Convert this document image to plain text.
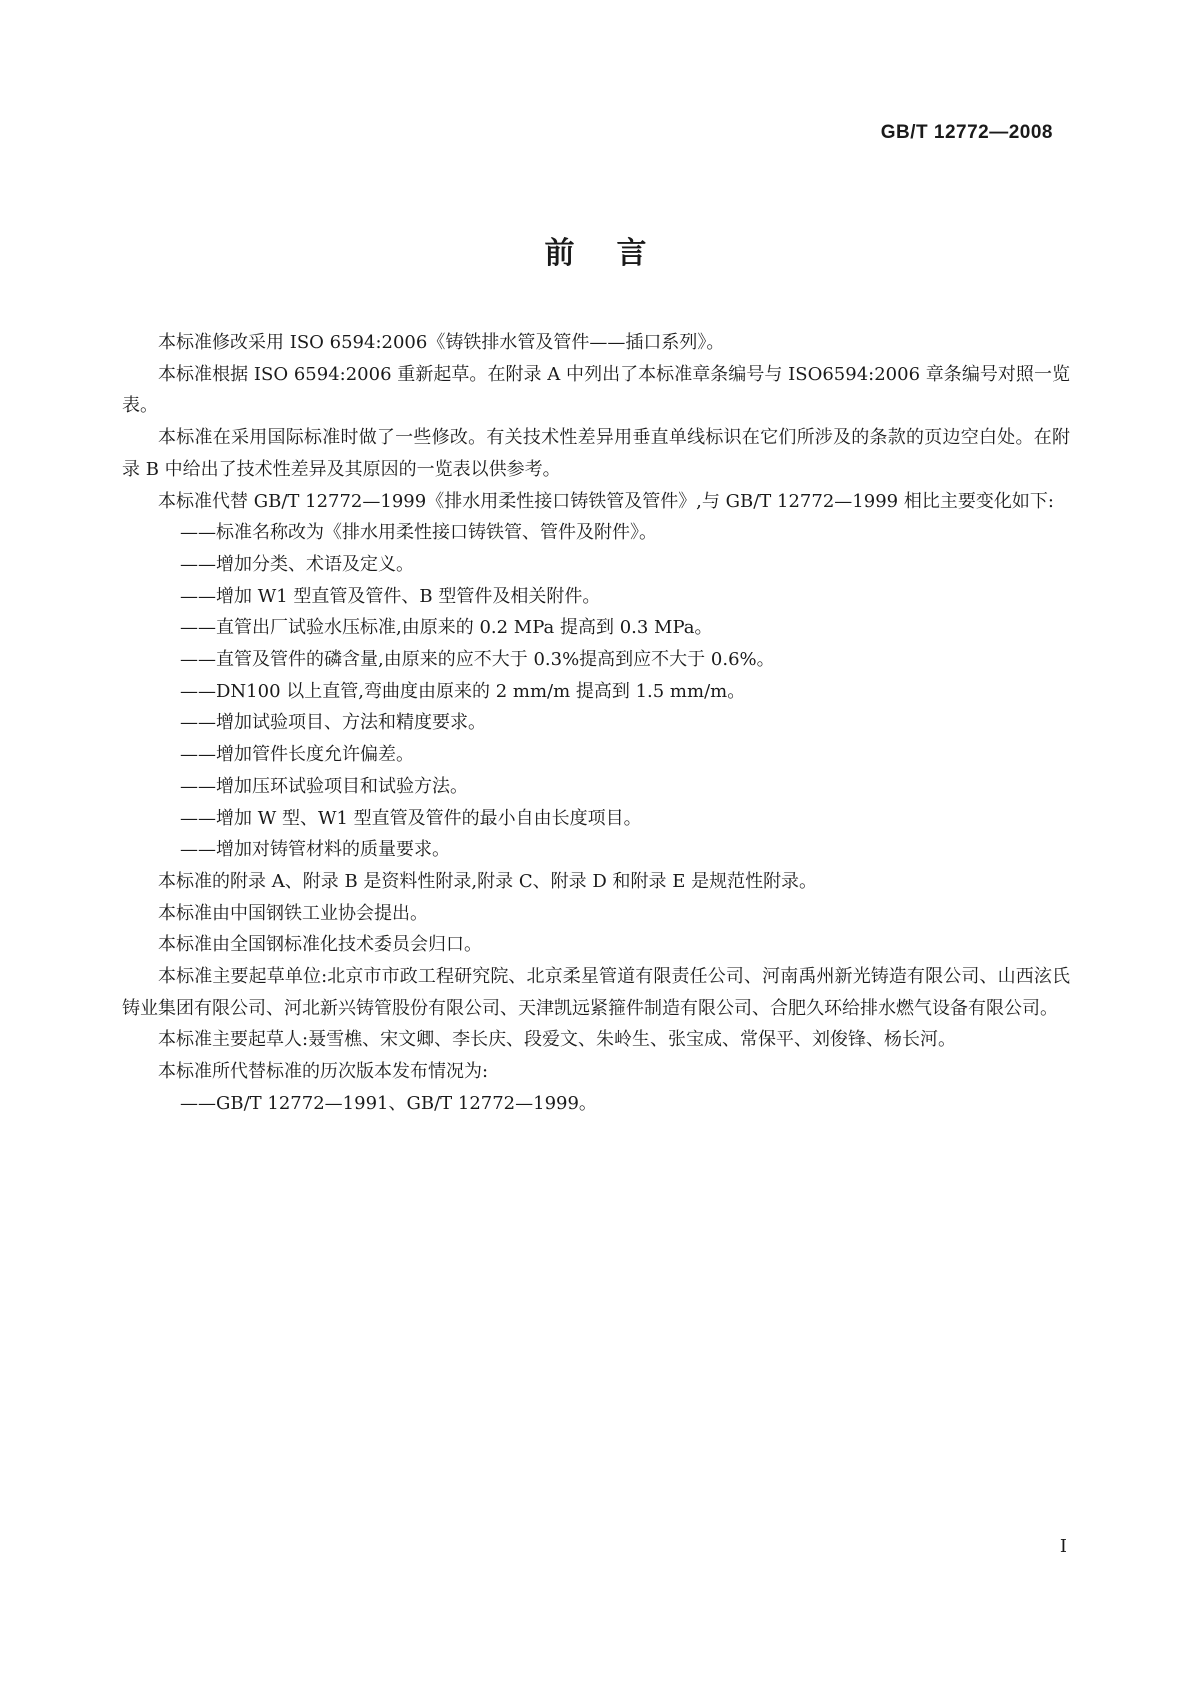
GB/T 12772—2008
前言

本标准修改采用 ISO 6594:2006《铸铁排水管及管件——插口系列》。

本标准根据 ISO 6594:2006 重新起草。在附录 A 中列出了本标准章条编号与 ISO6594:2006 章条编号对照一览表。

本标准在采用国际标准时做了一些修改。有关技术性差异用垂直单线标识在它们所涉及的条款的页边空白处。在附录 B 中给出了技术性差异及其原因的一览表以供参考。

本标准代替 GB/T 12772—1999《排水用柔性接口铸铁管及管件》,与 GB/T 12772—1999 相比主要变化如下:

——标准名称改为《排水用柔性接口铸铁管、管件及附件》。

——增加分类、术语及定义。

——增加 W1 型直管及管件、B 型管件及相关附件。

——直管出厂试验水压标准,由原来的 0.2 MPa 提高到 0.3 MPa。

——直管及管件的磷含量,由原来的应不大于 0.3%提高到应不大于 0.6%。

——DN100 以上直管,弯曲度由原来的 2 mm/m 提高到 1.5 mm/m。

——增加试验项目、方法和精度要求。

——增加管件长度允许偏差。

——增加压环试验项目和试验方法。

——增加 W 型、W1 型直管及管件的最小自由长度项目。

——增加对铸管材料的质量要求。

本标准的附录 A、附录 B 是资料性附录,附录 C、附录 D 和附录 E 是规范性附录。

本标准由中国钢铁工业协会提出。

本标准由全国钢标准化技术委员会归口。

本标准主要起草单位:北京市市政工程研究院、北京柔星管道有限责任公司、河南禹州新光铸造有限公司、山西泫氏铸业集团有限公司、河北新兴铸管股份有限公司、天津凯远紧箍件制造有限公司、合肥久环给排水燃气设备有限公司。

本标准主要起草人:聂雪樵、宋文卿、李长庆、段爱文、朱岭生、张宝成、常保平、刘俊锋、杨长河。

本标准所代替标准的历次版本发布情况为:

——GB/T 12772—1991、GB/T 12772—1999。

I
